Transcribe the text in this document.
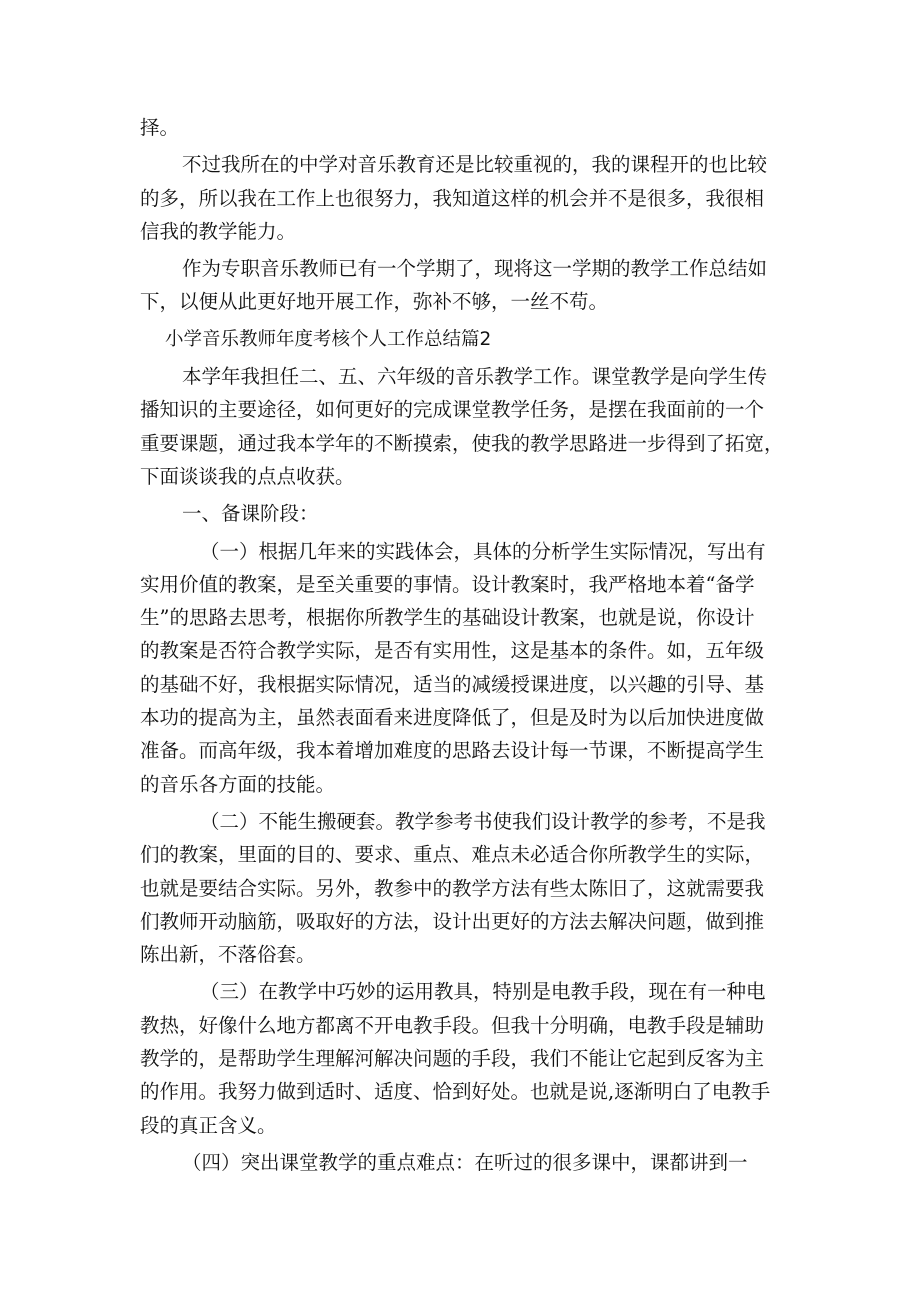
择。
不过我所在的中学对音乐教育还是比较重视的，我的课程开的也比较
的多，所以我在工作上也很努力，我知道这样的机会并不是很多，我很相
信我的教学能力。
作为专职音乐教师已有一个学期了，现将这一学期的教学工作总结如
下，以便从此更好地开展工作，弥补不够，一丝不苟。
小学音乐教师年度考核个人工作总结篇2
本学年我担任二、五、六年级的音乐教学工作。课堂教学是向学生传
播知识的主要途径，如何更好的完成课堂教学任务，是摆在我面前的一个
重要课题，通过我本学年的不断摸索，使我的教学思路进一步得到了拓宽，
下面谈谈我的点点收获。
一、备课阶段：
（一）根据几年来的实践体会，具体的分析学生实际情况，写出有
实用价值的教案，是至关重要的事情。设计教案时，我严格地本着“备学
生”的思路去思考，根据你所教学生的基础设计教案，也就是说，你设计
的教案是否符合教学实际，是否有实用性，这是基本的条件。如，五年级
的基础不好，我根据实际情况，适当的减缓授课进度，以兴趣的引导、基
本功的提高为主，虽然表面看来进度降低了，但是及时为以后加快进度做
准备。而高年级，我本着增加难度的思路去设计每一节课，不断提高学生
的音乐各方面的技能。
（二）不能生搬硬套。教学参考书使我们设计教学的参考，不是我
们的教案，里面的目的、要求、重点、难点未必适合你所教学生的实际，
也就是要结合实际。另外，教参中的教学方法有些太陈旧了，这就需要我
们教师开动脑筋，吸取好的方法，设计出更好的方法去解决问题，做到推
陈出新，不落俗套。
（三）在教学中巧妙的运用教具，特别是电教手段，现在有一种电
教热，好像什么地方都离不开电教手段。但我十分明确，电教手段是辅助
教学的，是帮助学生理解河解决问题的手段，我们不能让它起到反客为主
的作用。我努力做到适时、适度、恰到好处。也就是说,逐渐明白了电教手
段的真正含义。
（四）突出课堂教学的重点难点：在听过的很多课中，课都讲到一
